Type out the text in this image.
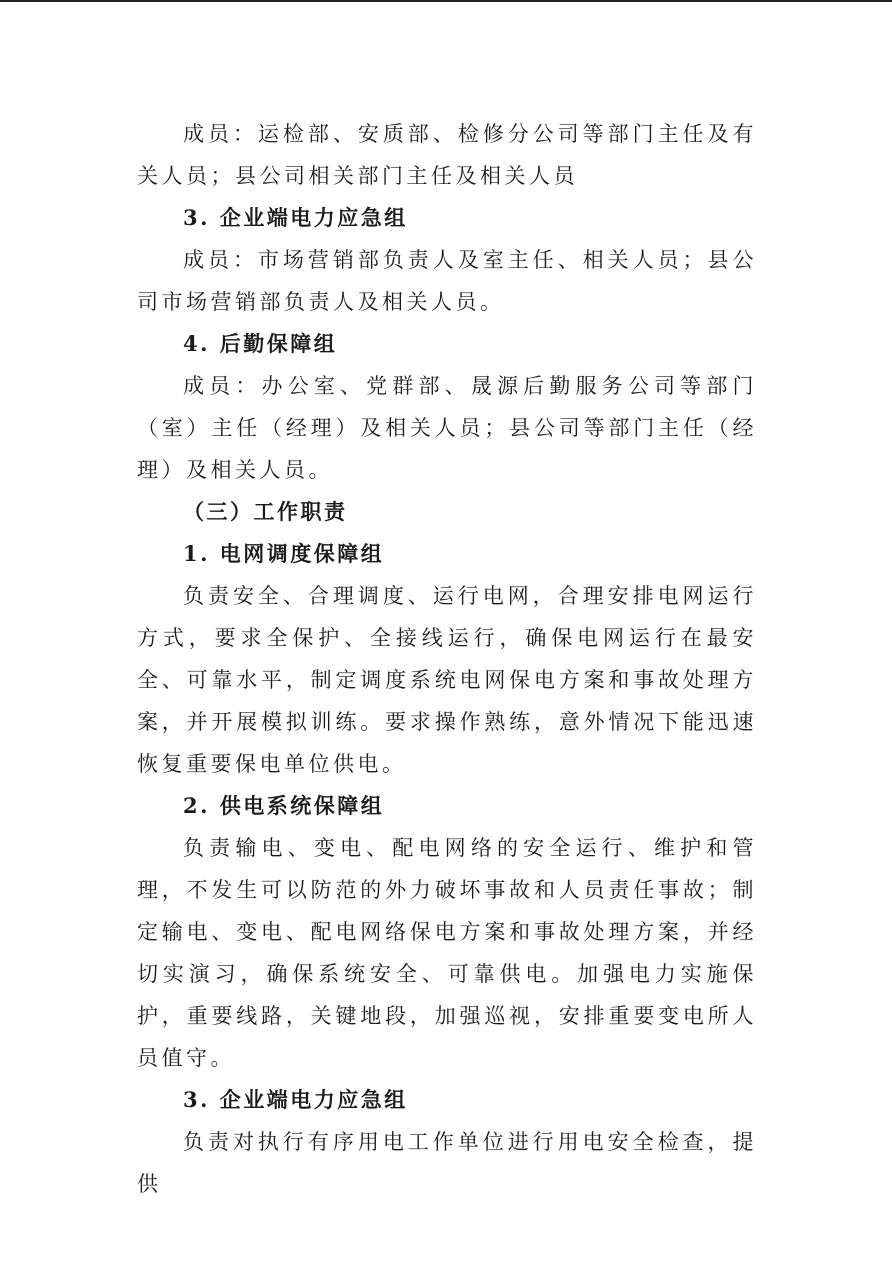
成员：运检部、安质部、检修分公司等部门主任及有关人员；县公司相关部门主任及相关人员

3. 企业端电力应急组

成员：市场营销部负责人及室主任、相关人员；县公司市场营销部负责人及相关人员。

4. 后勤保障组

成员：办公室、党群部、晟源后勤服务公司等部门（室）主任（经理）及相关人员；县公司等部门主任（经理）及相关人员。

（三）工作职责

1. 电网调度保障组

负责安全、合理调度、运行电网，合理安排电网运行方式，要求全保护、全接线运行，确保电网运行在最安全、可靠水平，制定调度系统电网保电方案和事故处理方案，并开展模拟训练。要求操作熟练，意外情况下能迅速恢复重要保电单位供电。

2. 供电系统保障组

负责输电、变电、配电网络的安全运行、维护和管理，不发生可以防范的外力破坏事故和人员责任事故；制定输电、变电、配电网络保电方案和事故处理方案，并经切实演习，确保系统安全、可靠供电。加强电力实施保护，重要线路，关键地段，加强巡视，安排重要变电所人员值守。

3. 企业端电力应急组

负责对执行有序用电工作单位进行用电安全检查，提供
